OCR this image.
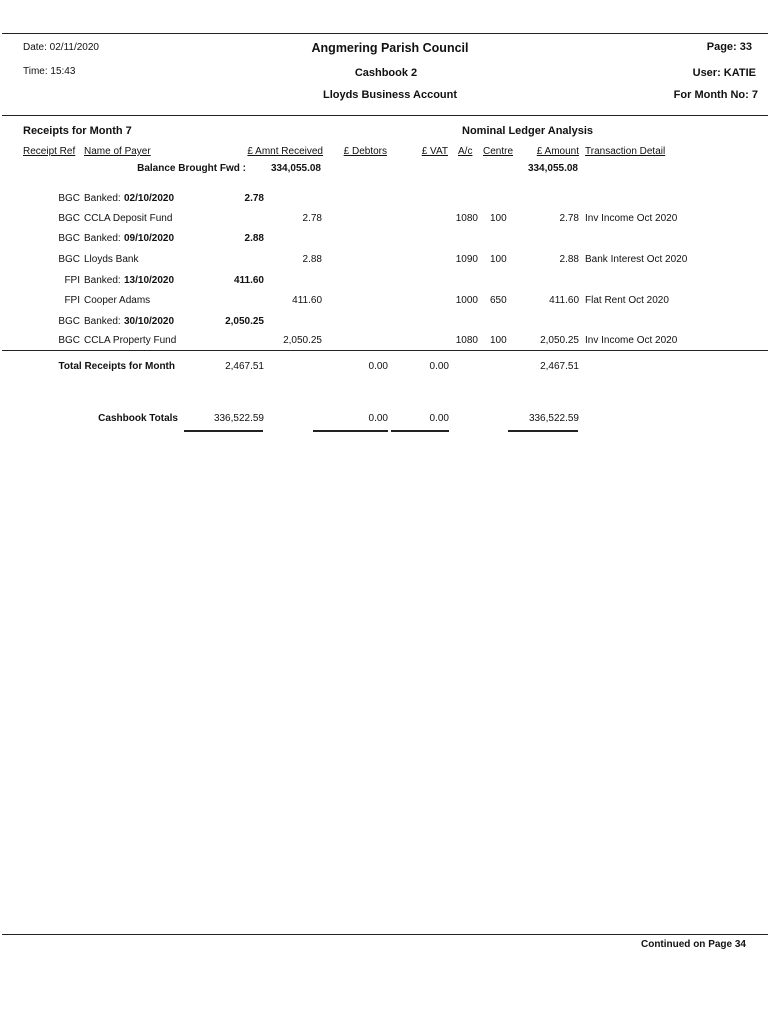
Date: 02/11/2020
Time: 15:43
Angmering Parish Council
Cashbook 2
Lloyds Business Account
Page: 33
User: KATIE
For Month No: 7
Receipts for Month 7	Nominal Ledger Analysis
Receipt Ref Name of Payer	£ Amnt Received £ Debtors	£ VAT A/c Centre £ Amount Transaction Detail
Balance Brought Fwd : 334,055.08	334,055.08
BGC Banked: 02/10/2020	2.78
BGC CCLA Deposit Fund	2.78	1080 100	2.78 Inv Income Oct 2020
BGC Banked: 09/10/2020	2.88
BGC Lloyds Bank	2.88	1090 100	2.88 Bank Interest Oct 2020
FPI Banked: 13/10/2020	411.60
FPI Cooper Adams	411.60	1000 650	411.60 Flat Rent Oct 2020
BGC Banked: 30/10/2020	2,050.25
BGC CCLA Property Fund	2,050.25	1080 100	2,050.25 Inv Income Oct 2020
Total Receipts for Month	2,467.51	0.00	0.00	2,467.51
Cashbook Totals	336,522.59	0.00	0.00	336,522.59
Continued on Page 34
